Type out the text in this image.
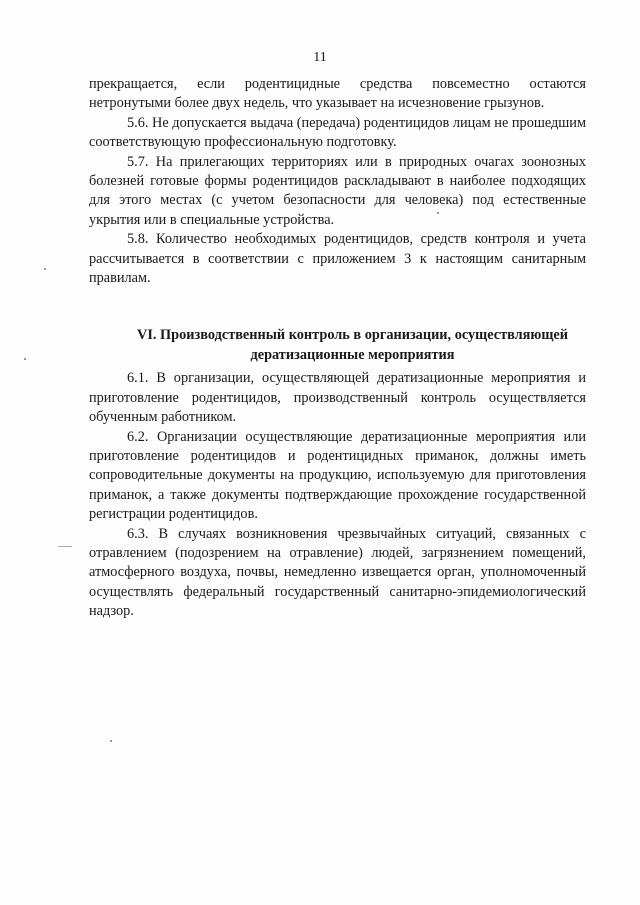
11

прекращается, если родентицидные средства повсеместно остаются нетронутыми более двух недель, что указывает на исчезновение грызунов.

5.6. Не допускается выдача (передача) родентицидов лицам не прошедшим соответствующую профессиональную подготовку.

5.7. На прилегающих территориях или в природных очагах зоонозных болезней готовые формы родентицидов раскладывают в наиболее подходящих для этого местах (с учетом безопасности для человека) под естественные укрытия или в специальные устройства.

5.8. Количество необходимых родентицидов, средств контроля и учета рассчитывается в соответствии с приложением 3 к настоящим санитарным правилам.

VI. Производственный контроль в организации, осуществляющей дератизационные мероприятия

6.1. В организации, осуществляющей дератизационные мероприятия и приготовление родентицидов, производственный контроль осуществляется обученным работником.

6.2. Организации осуществляющие дератизационные мероприятия или приготовление родентицидов и родентицидных приманок, должны иметь сопроводительные документы на продукцию, используемую для приготовления приманок, а также документы подтверждающие прохождение государственной регистрации родентицидов.

6.3. В случаях возникновения чрезвычайных ситуаций, связанных с отравлением (подозрением на отравление) людей, загрязнением помещений, атмосферного воздуха, почвы, немедленно извещается орган, уполномоченный осуществлять федеральный государственный санитарно-эпидемиологический надзор.
